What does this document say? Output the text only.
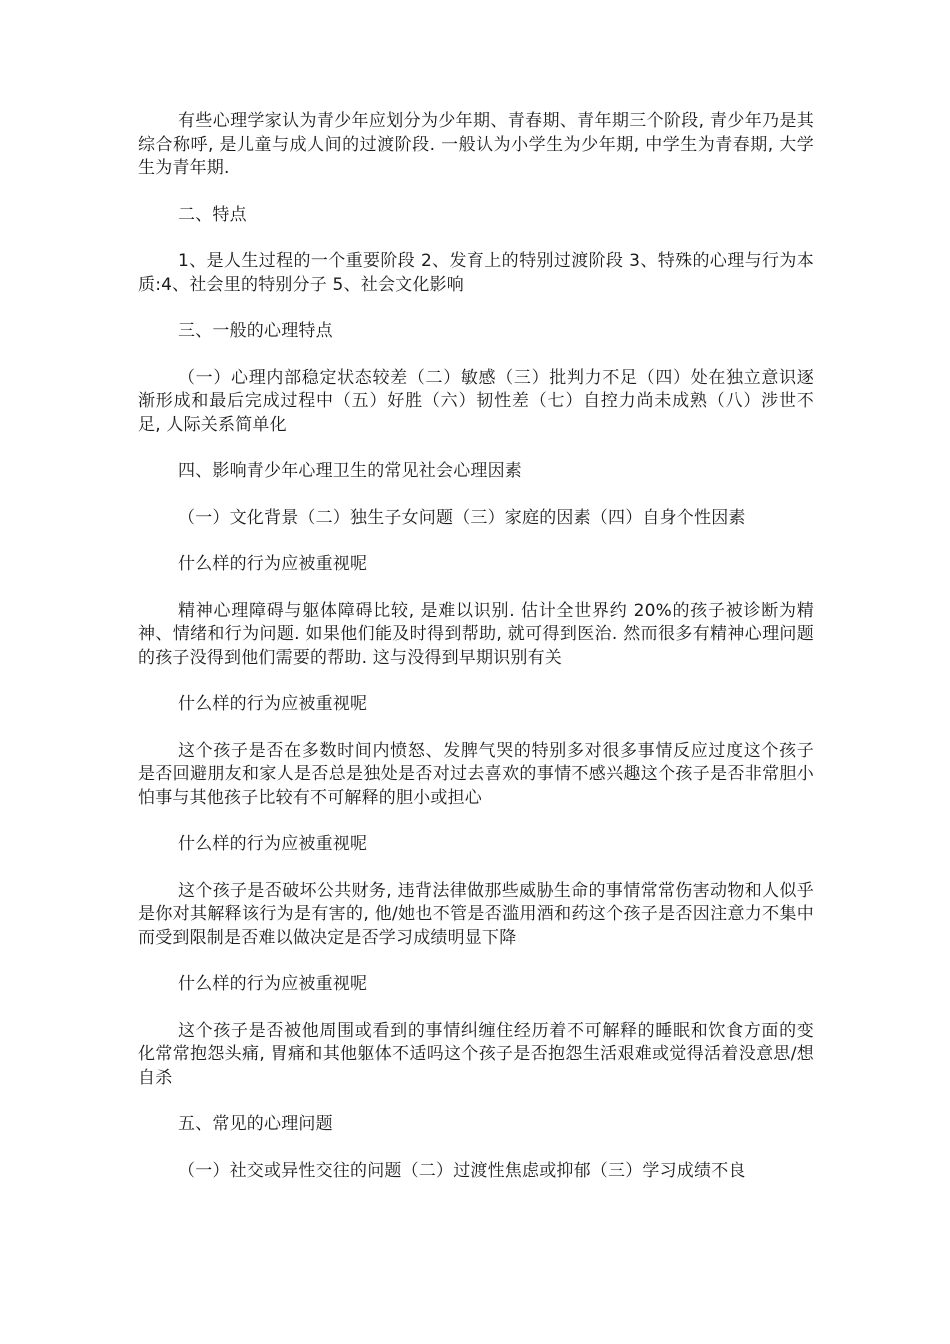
有些心理学家认为青少年应划分为少年期、青春期、青年期三个阶段, 青少年乃是其综合称呼, 是儿童与成人间的过渡阶段. 一般认为小学生为少年期, 中学生为青春期, 大学生为青年期.

二、特点

1、是人生过程的一个重要阶段 2、发育上的特别过渡阶段 3、特殊的心理与行为本质:4、社会里的特别分子 5、社会文化影响

三、一般的心理特点

（一）心理内部稳定状态较差（二）敏感（三）批判力不足（四）处在独立意识逐渐形成和最后完成过程中（五）好胜（六）韧性差（七）自控力尚未成熟（八）涉世不足, 人际关系简单化

四、影响青少年心理卫生的常见社会心理因素

（一）文化背景（二）独生子女问题（三）家庭的因素（四）自身个性因素

什么样的行为应被重视呢

精神心理障碍与躯体障碍比较, 是难以识别. 估计全世界约 20%的孩子被诊断为精神、情绪和行为问题. 如果他们能及时得到帮助, 就可得到医治. 然而很多有精神心理问题的孩子没得到他们需要的帮助. 这与没得到早期识别有关

什么样的行为应被重视呢

这个孩子是否在多数时间内愤怒、发脾气哭的特别多对很多事情反应过度这个孩子是否回避朋友和家人是否总是独处是否对过去喜欢的事情不感兴趣这个孩子是否非常胆小怕事与其他孩子比较有不可解释的胆小或担心

什么样的行为应被重视呢

这个孩子是否破坏公共财务, 违背法律做那些威胁生命的事情常常伤害动物和人似乎是你对其解释该行为是有害的, 他/她也不管是否滥用酒和药这个孩子是否因注意力不集中而受到限制是否难以做决定是否学习成绩明显下降

什么样的行为应被重视呢

这个孩子是否被他周围或看到的事情纠缠住经历着不可解释的睡眠和饮食方面的变化常常抱怨头痛, 胃痛和其他躯体不适吗这个孩子是否抱怨生活艰难或觉得活着没意思/想自杀

五、常见的心理问题

（一）社交或异性交往的问题（二）过渡性焦虑或抑郁（三）学习成绩不良
